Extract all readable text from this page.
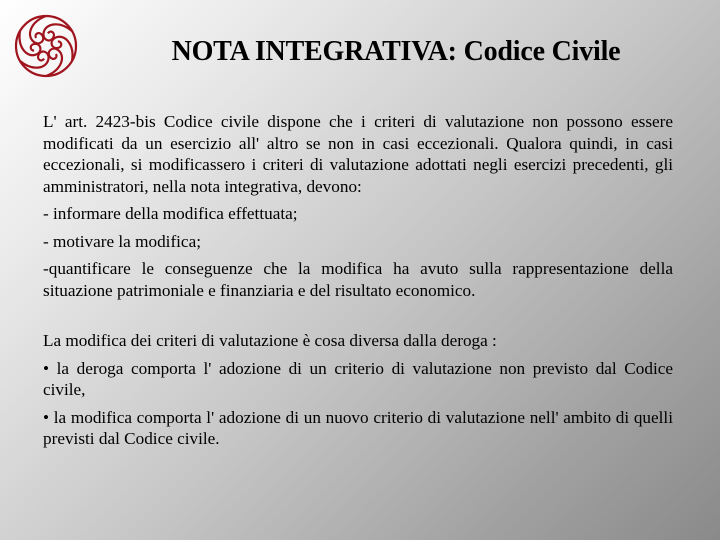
NOTA INTEGRATIVA: Codice Civile

L' art. 2423-bis Codice civile dispone che i criteri di valutazione non possono essere modificati da un esercizio all' altro se non in casi eccezionali. Qualora quindi, in casi eccezionali, si modificassero i criteri di valutazione adottati negli esercizi precedenti, gli amministratori, nella nota integrativa, devono:

- informare della modifica effettuata;

- motivare la modifica;

-quantificare le conseguenze che la modifica ha avuto sulla rappresentazione della situazione patrimoniale e finanziaria e del risultato economico.

La modifica dei criteri di valutazione è cosa diversa dalla deroga :

• la deroga comporta l' adozione di un criterio di valutazione non previsto dal Codice civile,

• la modifica comporta l' adozione di un nuovo criterio di valutazione nell' ambito di quelli previsti dal Codice civile.
